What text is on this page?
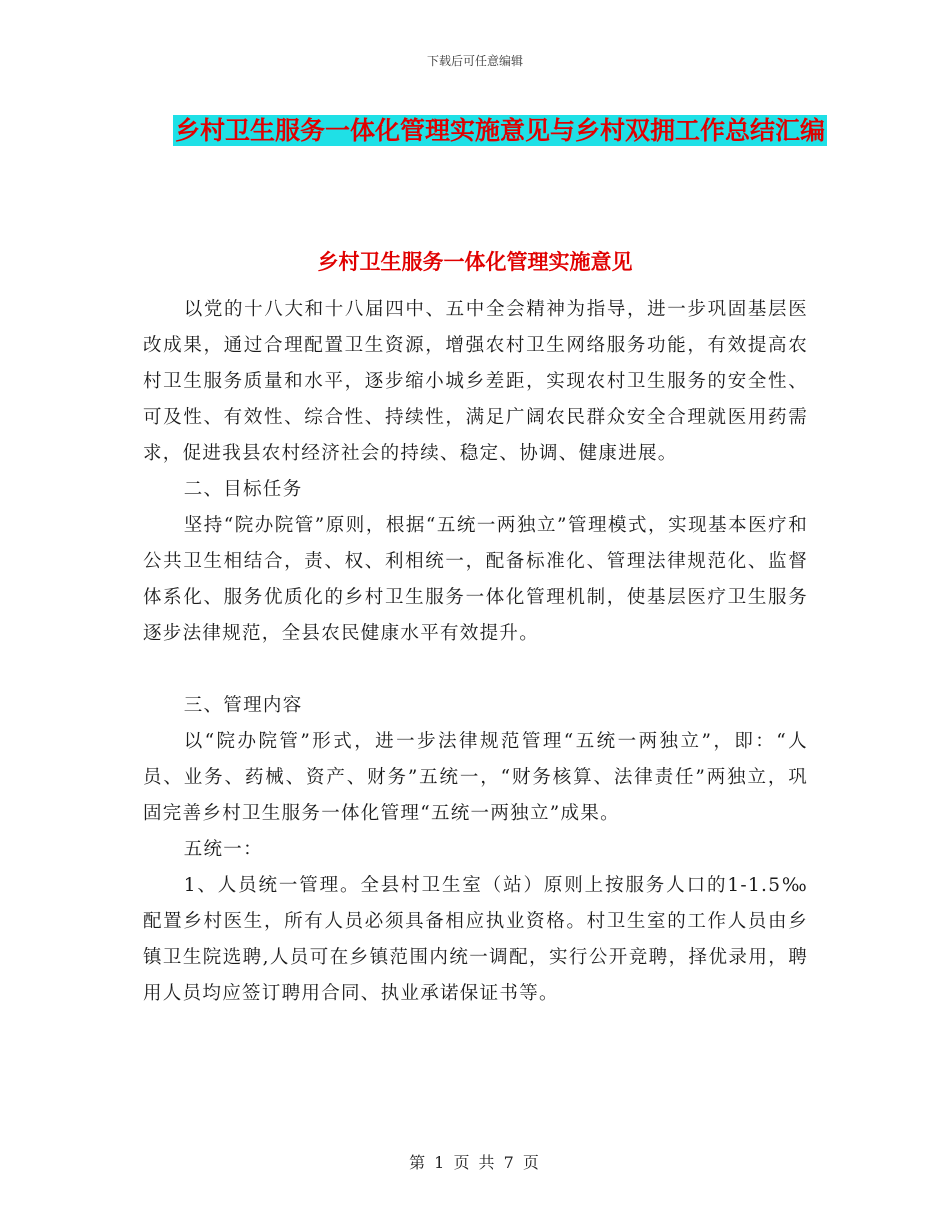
下载后可任意编辑
乡村卫生服务一体化管理实施意见与乡村双拥工作总结汇编
乡村卫生服务一体化管理实施意见

以党的十八大和十八届四中、五中全会精神为指导，进一步巩固基层医改成果，通过合理配置卫生资源，增强农村卫生网络服务功能，有效提高农村卫生服务质量和水平，逐步缩小城乡差距，实现农村卫生服务的安全性、可及性、有效性、综合性、持续性，满足广阔农民群众安全合理就医用药需求，促进我县农村经济社会的持续、稳定、协调、健康进展。

二、目标任务

坚持“院办院管”原则，根据“五统一两独立”管理模式，实现基本医疗和公共卫生相结合，责、权、利相统一，配备标准化、管理法律规范化、监督体系化、服务优质化的乡村卫生服务一体化管理机制，使基层医疗卫生服务逐步法律规范，全县农民健康水平有效提升。

三、管理内容

以“院办院管”形式，进一步法律规范管理“五统一两独立”，即：“人员、业务、药械、资产、财务”五统一，“财务核算、法律责任”两独立，巩固完善乡村卫生服务一体化管理“五统一两独立”成果。

五统一：

1、人员统一管理。全县村卫生室（站）原则上按服务人口的1-1.5‰配置乡村医生，所有人员必须具备相应执业资格。村卫生室的工作人员由乡镇卫生院选聘,人员可在乡镇范围内统一调配，实行公开竞聘，择优录用，聘用人员均应签订聘用合同、执业承诺保证书等。

第 1 页 共 7 页
